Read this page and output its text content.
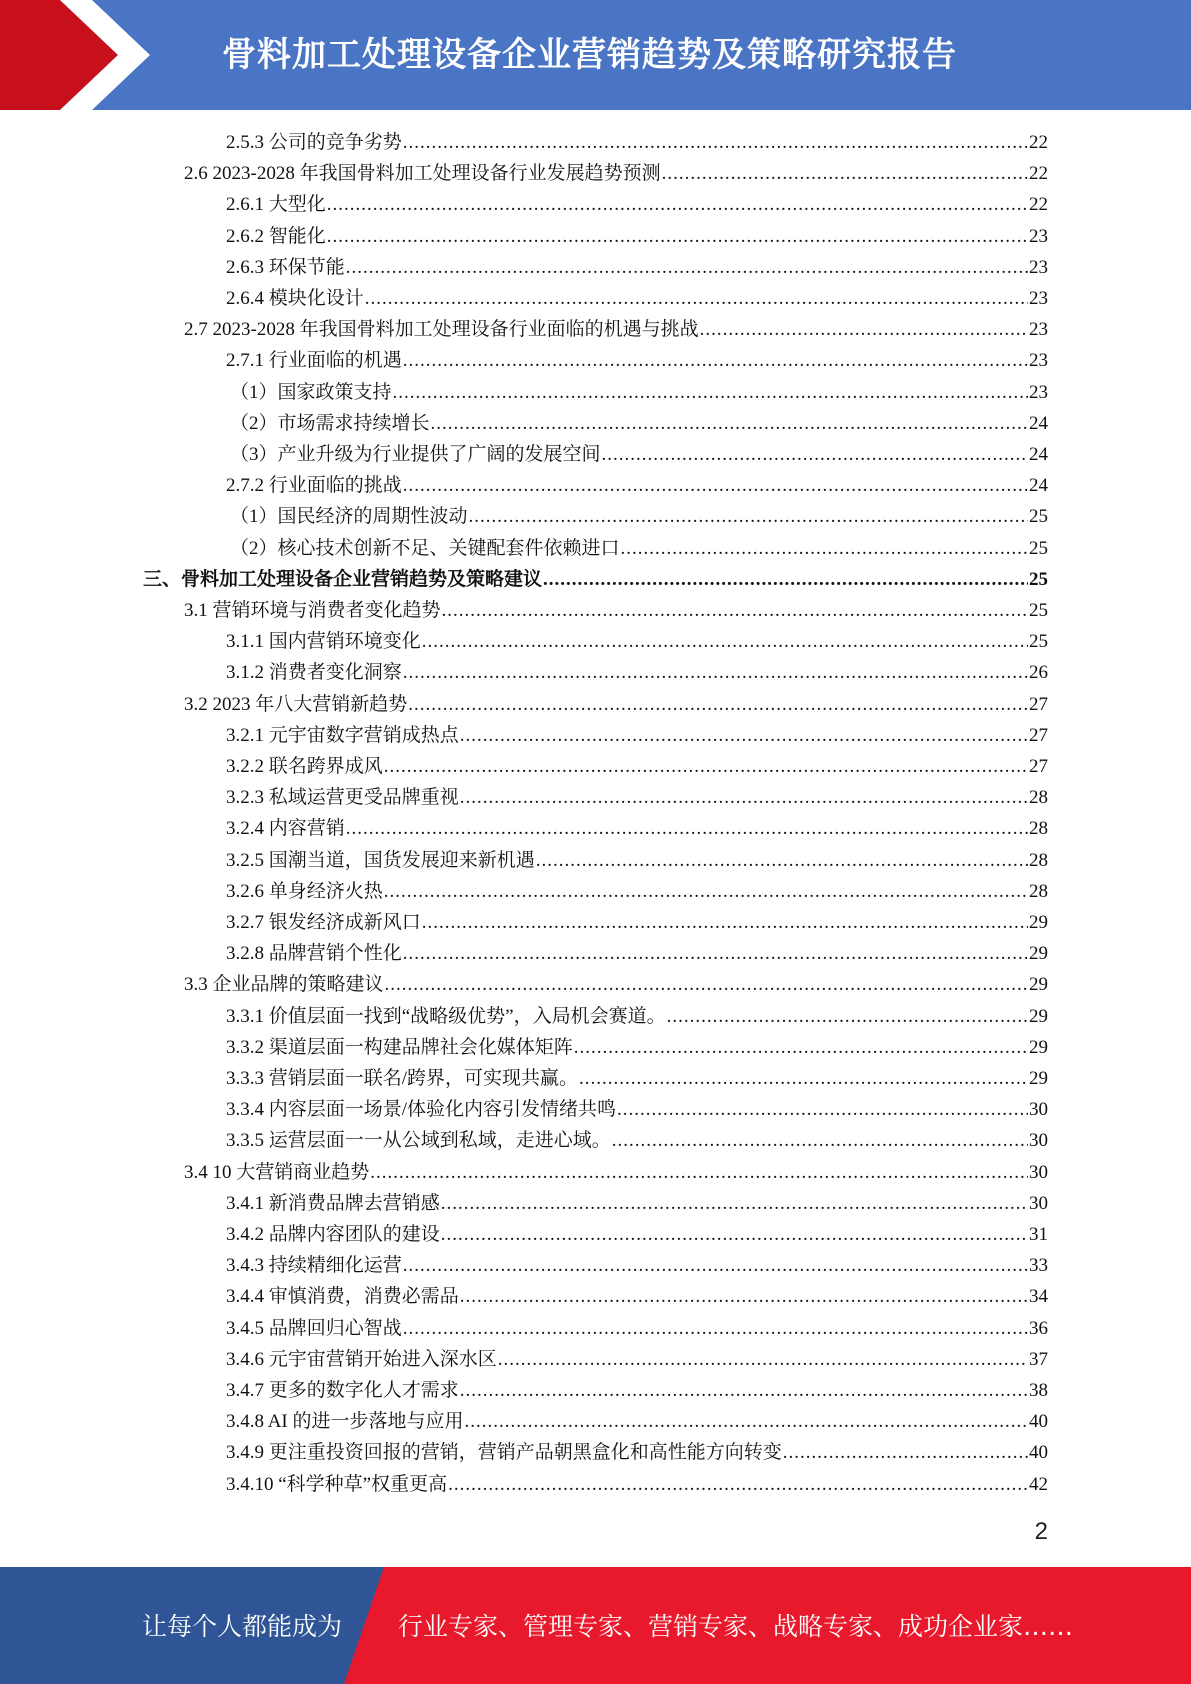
骨料加工处理设备企业营销趋势及策略研究报告
2.5.3 公司的竞争劣势 .....	22
2.6 2023-2028 年我国骨料加工处理设备行业发展趋势预测 .....	22
2.6.1 大型化 .....	22
2.6.2 智能化 .....	23
2.6.3 环保节能 .....	23
2.6.4 模块化设计 .....	23
2.7 2023-2028 年我国骨料加工处理设备行业面临的机遇与挑战 .....	23
2.7.1 行业面临的机遇 .....	23
（1）国家政策支持 .....	23
（2）市场需求持续增长 .....	24
（3）产业升级为行业提供了广阔的发展空间 .....	24
2.7.2 行业面临的挑战 .....	24
（1）国民经济的周期性波动 .....	25
（2）核心技术创新不足、关键配套件依赖进口 .....	25
三、骨料加工处理设备企业营销趋势及策略建议 .....	25
3.1 营销环境与消费者变化趋势 .....	25
3.1.1 国内营销环境变化 .....	25
3.1.2 消费者变化洞察 .....	26
3.2 2023 年八大营销新趋势 .....	27
3.2.1 元宇宙数字营销成热点 .....	27
3.2.2 联名跨界成风 .....	27
3.2.3 私域运营更受品牌重视 .....	28
3.2.4 内容营销 .....	28
3.2.5 国潮当道，国货发展迎来新机遇 .....	28
3.2.6 单身经济火热 .....	28
3.2.7 银发经济成新风口 .....	29
3.2.8 品牌营销个性化 .....	29
3.3 企业品牌的策略建议 .....	29
3.3.1 价值层面一找到“战略级优势”，入局机会赛道。 .....	29
3.3.2 渠道层面一构建品牌社会化媒体矩阵 .....	29
3.3.3 营销层面一联名/跨界，可实现共赢。 .....	29
3.3.4 内容层面一场景/体验化内容引发情绪共鸣 .....	30
3.3.5 运营层面一一从公域到私域，走进心域。 .....	30
3.4 10 大营销商业趋势 .....	30
3.4.1 新消费品牌去营销感 .....	30
3.4.2 品牌内容团队的建设 .....	31
3.4.3 持续精细化运营 .....	33
3.4.4 审慎消费，消费必需品 .....	34
3.4.5 品牌回归心智战 .....	36
3.4.6 元宇宙营销开始进入深水区 .....	37
3.4.7 更多的数字化人才需求 .....	38
3.4.8 AI 的进一步落地与应用 .....	40
3.4.9 更注重投资回报的营销，营销产品朝黑盒化和高性能方向转变 .....	40
3.4.10 “科学种草”权重更高 .....	42
2
让每个人都能成为 行业专家、管理专家、营销专家、战略专家、成功企业家……
